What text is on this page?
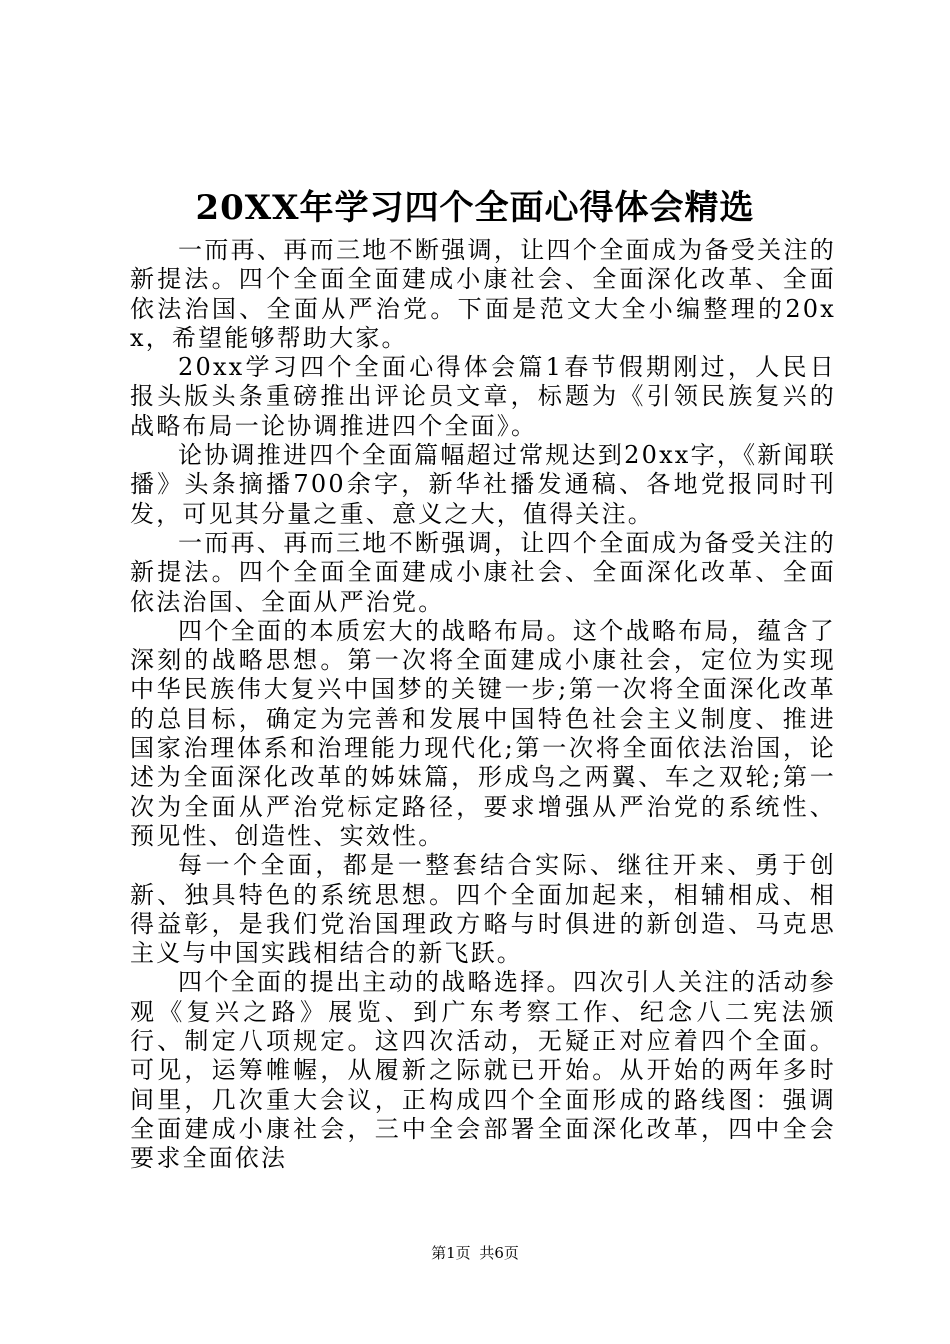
20XX年学习四个全面心得体会精选

一而再、再而三地不断强调，让四个全面成为备受关注的新提法。四个全面全面建成小康社会、全面深化改革、全面依法治国、全面从严治党。下面是范文大全小编整理的20xx，希望能够帮助大家。

20xx学习四个全面心得体会篇1春节假期刚过，人民日报头版头条重磅推出评论员文章，标题为《引领民族复兴的战略布局一论协调推进四个全面》。

论协调推进四个全面篇幅超过常规达到20xx字，《新闻联播》头条摘播700余字，新华社播发通稿、各地党报同时刊发，可见其分量之重、意义之大，值得关注。

一而再、再而三地不断强调，让四个全面成为备受关注的新提法。四个全面全面建成小康社会、全面深化改革、全面依法治国、全面从严治党。

四个全面的本质宏大的战略布局。这个战略布局，蕴含了深刻的战略思想。第一次将全面建成小康社会，定位为实现中华民族伟大复兴中国梦的关键一步;第一次将全面深化改革的总目标，确定为完善和发展中国特色社会主义制度、推进国家治理体系和治理能力现代化;第一次将全面依法治国，论述为全面深化改革的姊妹篇，形成鸟之两翼、车之双轮;第一次为全面从严治党标定路径，要求增强从严治党的系统性、预见性、创造性、实效性。

每一个全面，都是一整套结合实际、继往开来、勇于创新、独具特色的系统思想。四个全面加起来，相辅相成、相得益彰，是我们党治国理政方略与时俱进的新创造、马克思主义与中国实践相结合的新飞跃。

四个全面的提出主动的战略选择。四次引人关注的活动参观《复兴之路》展览、到广东考察工作、纪念八二宪法颁行、制定八项规定。这四次活动，无疑正对应着四个全面。可见，运筹帷幄，从履新之际就已开始。从开始的两年多时间里，几次重大会议，正构成四个全面形成的路线图：强调全面建成小康社会，三中全会部署全面深化改革，四中全会要求全面依法

第1页 共6页
